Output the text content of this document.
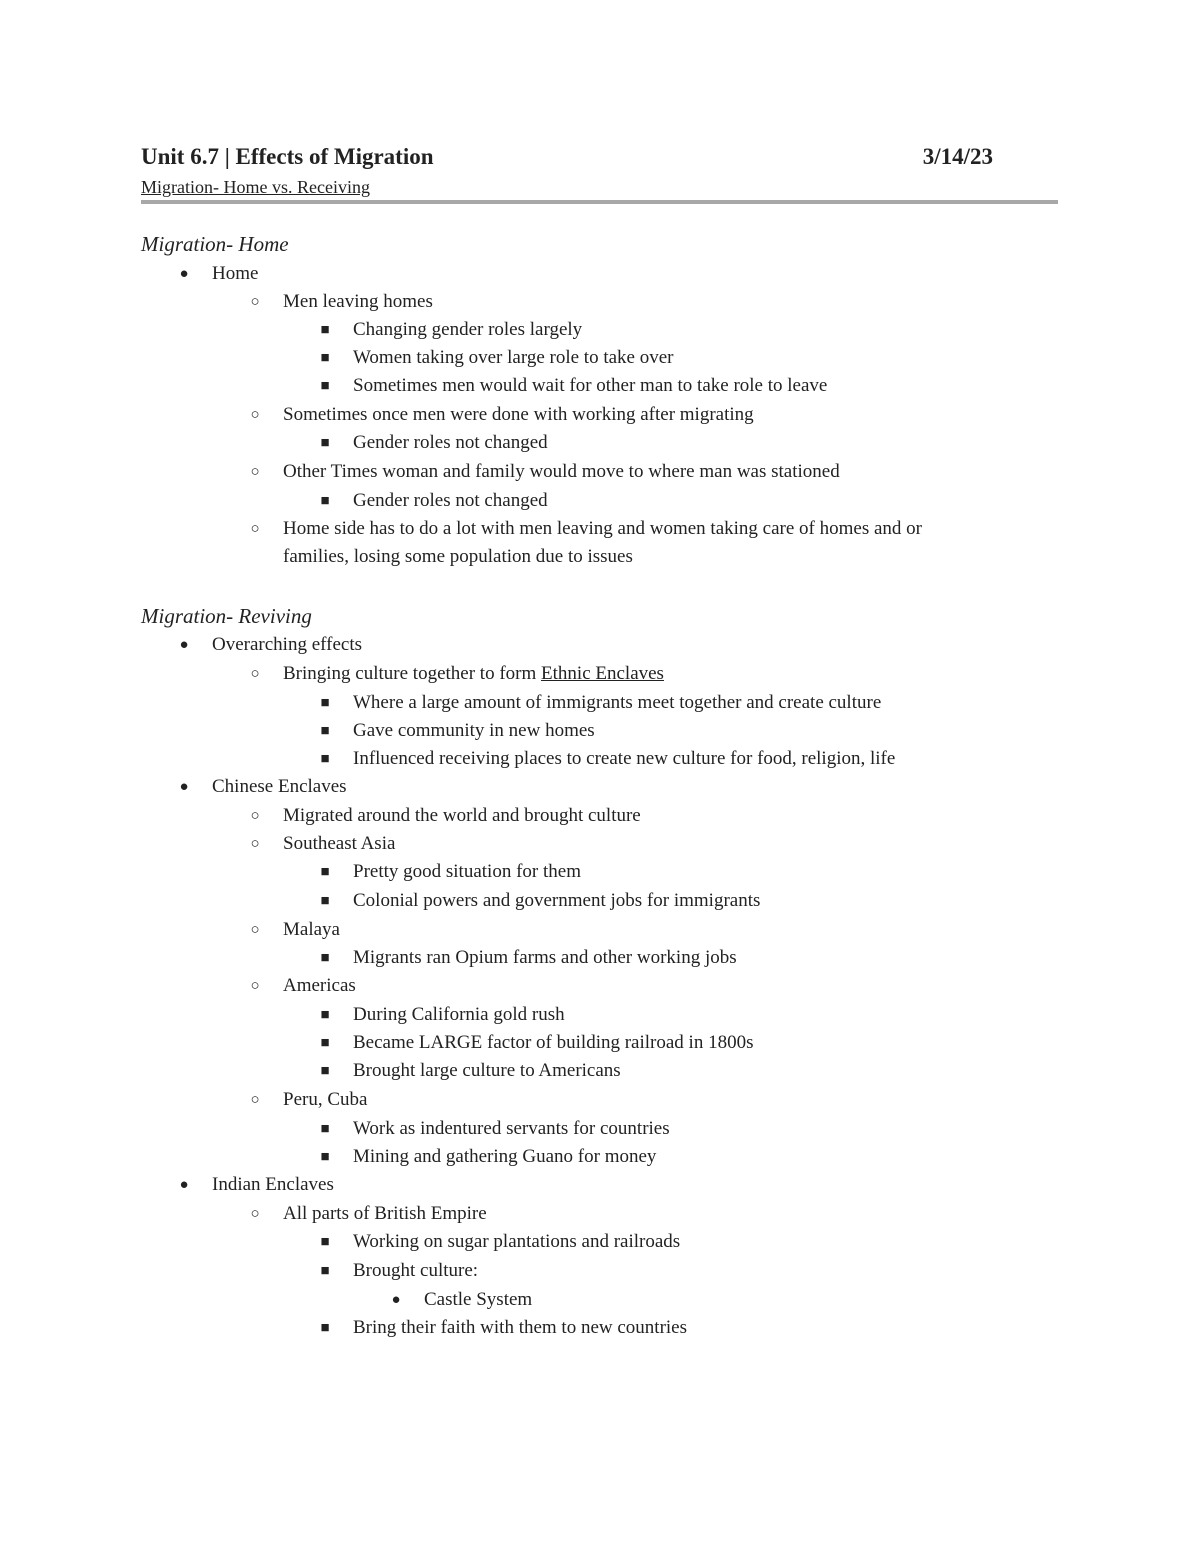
Unit 6.7 | Effects of Migration	3/14/23
Migration- Home vs. Receiving
Migration- Home
● Home
○ Men leaving homes
■ Changing gender roles largely
■ Women taking over large role to take over
■ Sometimes men would wait for other man to take role to leave
○ Sometimes once men were done with working after migrating
■ Gender roles not changed
○ Other Times woman and family would move to where man was stationed
■ Gender roles not changed
○ Home side has to do a lot with men leaving and women taking care of homes and or
families, losing some population due to issues
Migration- Reviving
● Overarching effects
○ Bringing culture together to form Ethnic Enclaves
■ Where a large amount of immigrants meet together and create culture
■ Gave community in new homes
■ Influenced receiving places to create new culture for food, religion, life
● Chinese Enclaves
○ Migrated around the world and brought culture
○ Southeast Asia
■ Pretty good situation for them
■ Colonial powers and government jobs for immigrants
○ Malaya
■ Migrants ran Opium farms and other working jobs
○ Americas
■ During California gold rush
■ Became LARGE factor of building railroad in 1800s
■ Brought large culture to Americans
○ Peru, Cuba
■ Work as indentured servants for countries
■ Mining and gathering Guano for money
● Indian Enclaves
○ All parts of British Empire
■ Working on sugar plantations and railroads
■ Brought culture:
● Castle System
■ Bring their faith with them to new countries
